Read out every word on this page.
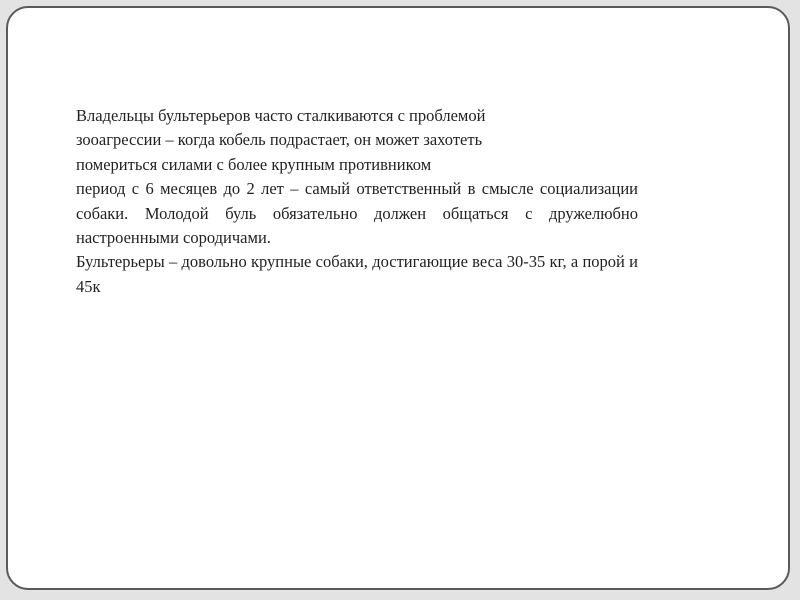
Владельцы бультерьеров часто сталкиваются с проблемой
зооагрессии – когда кобель подрастает, он может захотеть
помериться силами с более крупным противником

период с 6 месяцев до 2 лет – самый ответственный в смысле социализации собаки. Молодой буль обязательно должен общаться с дружелюбно настроенными сородичами.

Бультерьеры – довольно крупные собаки, достигающие веса 30-35 кг, а порой и 45к
